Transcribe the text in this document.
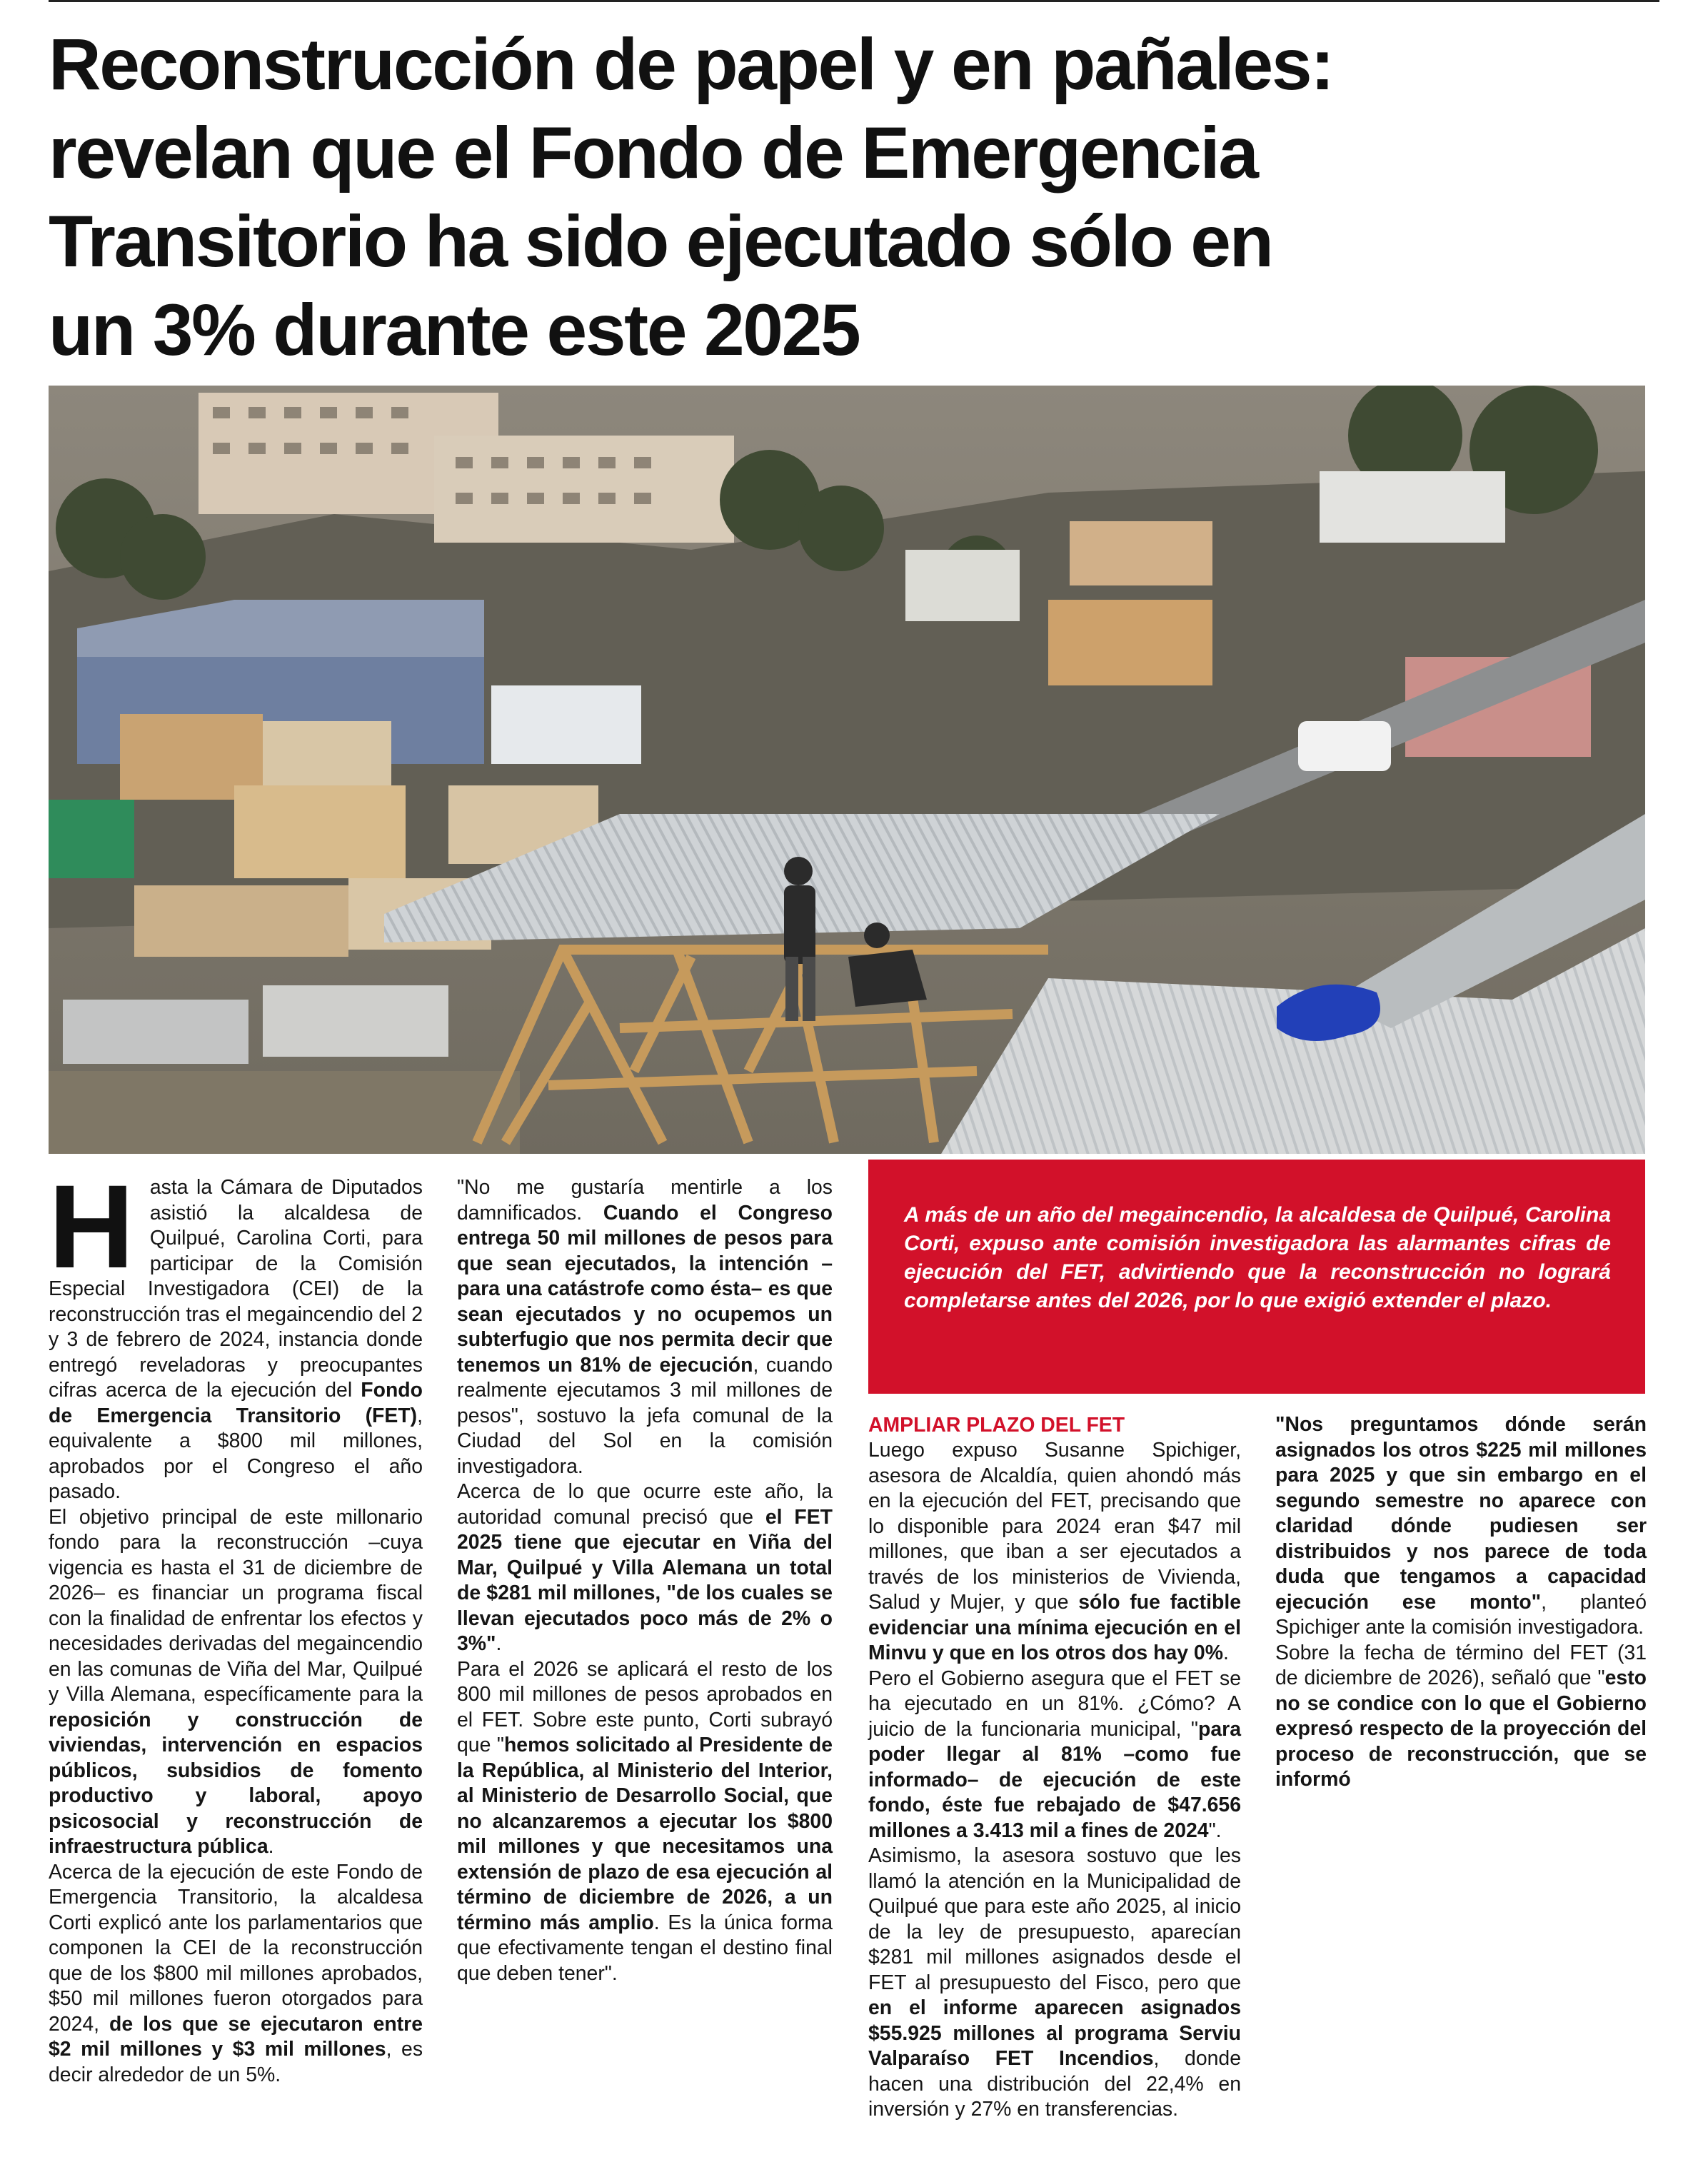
Reconstrucción de papel y en pañales:
revelan que el Fondo de Emergencia
Transitorio ha sido ejecutado sólo en
un 3% durante este 2025

A más de un año del megaincendio, la alcaldesa de Quilpué, Carolina Corti, expuso ante comisión investigadora las alarmantes cifras de ejecución del FET, advirtiendo que la reconstrucción no logrará completarse antes del 2026, por lo que exigió extender el plazo.

Hasta la Cámara de Diputados asistió la alcaldesa de Quilpué, Carolina Corti, para participar de la Comisión Especial Investigadora (CEI) de la reconstrucción tras el megaincendio del 2 y 3 de febrero de 2024, instancia donde entregó reveladoras y preocupantes cifras acerca de la ejecución del Fondo de Emergencia Transitorio (FET), equivalente a $800 mil millones, aprobados por el Congreso el año pasado.

El objetivo principal de este millonario fondo para la reconstrucción –cuya vigencia es hasta el 31 de diciembre de 2026– es financiar un programa fiscal con la finalidad de enfrentar los efectos y necesidades derivadas del megaincendio en las comunas de Viña del Mar, Quilpué y Villa Alemana, específicamente para la reposición y construcción de viviendas, intervención en espacios públicos, subsidios de fomento productivo y laboral, apoyo psicosocial y reconstrucción de infraestructura pública.

Acerca de la ejecución de este Fondo de Emergencia Transitorio, la alcaldesa Corti explicó ante los parlamentarios que componen la CEI de la reconstrucción que de los $800 mil millones aprobados, $50 mil millones fueron otorgados para 2024, de los que se ejecutaron entre $2 mil millones y $3 mil millones, es decir alrededor de un 5%.

"No me gustaría mentirle a los damnificados. Cuando el Congreso entrega 50 mil millones de pesos para que sean ejecutados, la intención –para una catástrofe como ésta– es que sean ejecutados y no ocupemos un subterfugio que nos permita decir que tenemos un 81% de ejecución, cuando realmente ejecutamos 3 mil millones de pesos", sostuvo la jefa comunal de la Ciudad del Sol en la comisión investigadora.

Acerca de lo que ocurre este año, la autoridad comunal precisó que el FET 2025 tiene que ejecutar en Viña del Mar, Quilpué y Villa Alemana un total de $281 mil millones, "de los cuales se llevan ejecutados poco más de 2% o 3%".

Para el 2026 se aplicará el resto de los 800 mil millones de pesos aprobados en el FET. Sobre este punto, Corti subrayó que "hemos solicitado al Presidente de la República, al Ministerio del Interior, al Ministerio de Desarrollo Social, que no alcanzaremos a ejecutar los $800 mil millones y que necesitamos una extensión de plazo de esa ejecución al término de diciembre de 2026, a un término más amplio. Es la única forma que efectivamente tengan el destino final que deben tener".

AMPLIAR PLAZO DEL FET

Luego expuso Susanne Spichiger, asesora de Alcaldía, quien ahondó más en la ejecución del FET, precisando que lo disponible para 2024 eran $47 mil millones, que iban a ser ejecutados a través de los ministerios de Vivienda, Salud y Mujer, y que sólo fue factible evidenciar una mínima ejecución en el Minvu y que en los otros dos hay 0%.

Pero el Gobierno asegura que el FET se ha ejecutado en un 81%. ¿Cómo? A juicio de la funcionaria municipal, "para poder llegar al 81% –como fue informado– de ejecución de este fondo, éste fue rebajado de $47.656 millones a 3.413 mil a fines de 2024".

Asimismo, la asesora sostuvo que les llamó la atención en la Municipalidad de Quilpué que para este año 2025, al inicio de la ley de presupuesto, aparecían $281 mil millones asignados desde el FET al presupuesto del Fisco, pero que en el informe aparecen asignados $55.925 millones al programa Serviu Valparaíso FET Incendios, donde hacen una distribución del 22,4% en inversión y 27% en transferencias.

"Nos preguntamos dónde serán asignados los otros $225 mil millones para 2025 y que sin embargo en el segundo semestre no aparece con claridad dónde pudiesen ser distribuidos y nos parece de toda duda que tengamos a capacidad ejecución ese monto", planteó Spichiger ante la comisión investigadora.

Sobre la fecha de término del FET (31 de diciembre de 2026), señaló que "esto no se condice con lo que el Gobierno expresó respecto de la proyección del proceso de reconstrucción, que se informó
